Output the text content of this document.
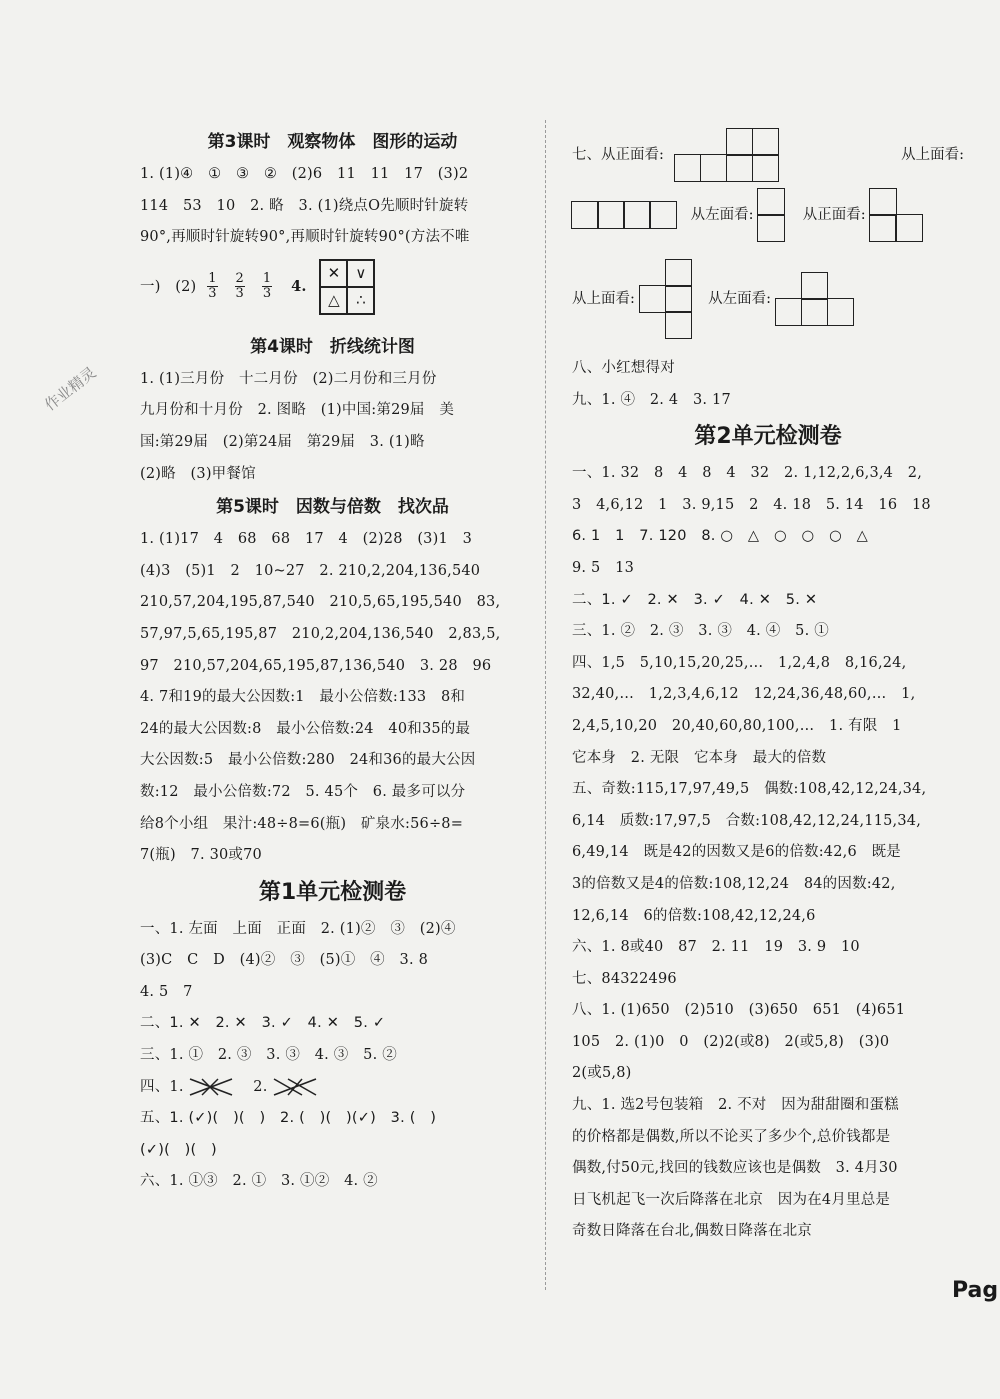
第3课时　观察物体　图形的运动
1. (1)④　①　③　②　(2)6　11　11　17　(3)2
114　53　10　2. 略　3. (1)绕点O先顺时针旋转
90°,再顺时针旋转90°,再顺时针旋转90°(方法不唯
一)　$(2) \frac{1}{3}$
$\frac{2}{3}$
$\frac{1}{3} 4$.
✕	∨
△	∴
第4课时　折线统计图
1. (1)三月份　十二月份　(2)二月份和三月份
九月份和十月份　2. 图略　(1)中国:第29届　美
国:第29届　(2)第24届　第29届　3. (1)略
(2)略　(3)甲餐馆
第5课时　因数与倍数　找次品
1. (1)17　4　68　68　17　4　(2)28　(3)1　3
(4)3　(5)1　2　10~27　2. 210,2,204,136,540
210,57,204,195,87,540　210,5,65,195,540　83,
57,97,5,65,195,87　210,2,204,136,540　2,83,5,
97　210,57,204,65,195,87,136,540　3. 28　96
4. 7和19的最大公因数:1　最小公倍数:133　8和
24的最大公因数:8　最小公倍数:24　40和35的最
大公因数:5　最小公倍数:280　24和36的最大公因
数:12　最小公倍数:72　5. 45个　6. 最多可以分
给8个小组　果汁:48÷8=6(瓶)　矿泉水:56÷8=
7(瓶)　7. 30或70
第1单元检测卷
一、1. 左面　上面　正面　2. (1)②　③　(2)④
(3)C　C　D　(4)②　③　(5)①　④　3. 8
4. 5　7
二、1. ✕　2. ✕　3. ✓　4. ✕　5. ✓
三、1. ①　2. ③　3. ③　4. ③　5. ②
四、1.	2.
五、1. (✓)(　)(　)　2. (　)(　)(✓)　3. (　)
(✓)(　)(　)
六、1. ①③　2. ①　3. ①②　4. ②
七、从正面看:	从上面看:
从左面看:	从正面看:
从上面看:	从左面看:
八、小红想得对
九、1. ④　2. 4　3. 17
第2单元检测卷
一、1. 32　8　4　8　4　32　2. 1,12,2,6,3,4　2,
3　4,6,12　1　3. 9,15　2　4. 18　5. 14　16　18
6. 1　1　7. 120　8. ○　△　○　○　○　△
9. 5　13
二、1. ✓　2. ✕　3. ✓　4. ✕　5. ✕
三、1. ②　2. ③　3. ③　4. ④　5. ①
四、1,5　5,10,15,20,25,…　1,2,4,8　8,16,24,
32,40,…　1,2,3,4,6,12　12,24,36,48,60,…　1,
2,4,5,10,20　20,40,60,80,100,…　1. 有限　1
它本身　2. 无限　它本身　最大的倍数
五、奇数:115,17,97,49,5　偶数:108,42,12,24,34,
6,14　质数:17,97,5　合数:108,42,12,24,115,34,
6,49,14　既是42的因数又是6的倍数:42,6　既是
3的倍数又是4的倍数:108,12,24　84的因数:42,
12,6,14　6的倍数:108,42,12,24,6
六、1. 8或40　87　2. 11　19　3. 9　10
七、84322496
八、1. (1)650　(2)510　(3)650　651　(4)651
105　2. (1)0　0　(2)2(或8)　2(或5,8)　(3)0
2(或5,8)
九、1. 选2号包装箱　2. 不对　因为甜甜圈和蛋糕
的价格都是偶数,所以不论买了多少个,总价钱都是
偶数,付50元,找回的钱数应该也是偶数　3. 4月30
日飞机起飞一次后降落在北京　因为在4月里总是
奇数日降落在台北,偶数日降落在北京
作业精灵
Pag
